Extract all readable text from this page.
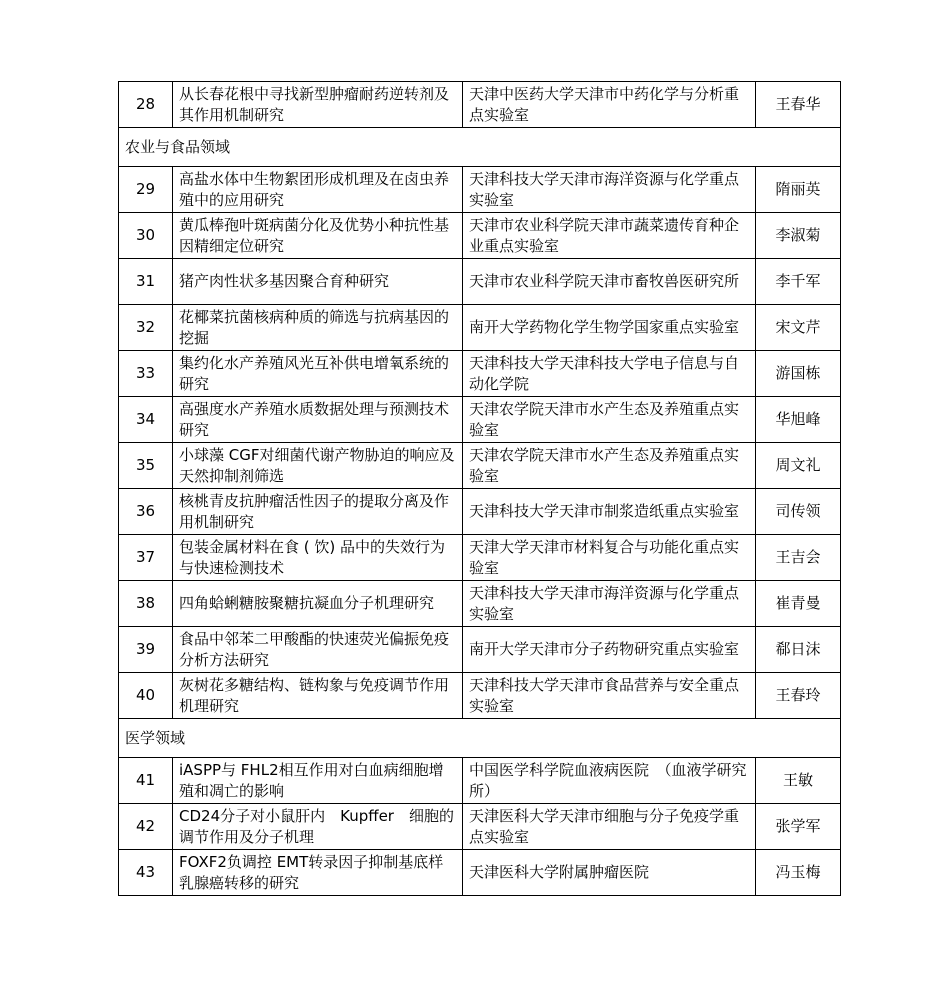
28	从长春花根中寻找新型肿瘤耐药逆转剂及其作用机制研究	天津中医药大学天津市中药化学与分析重点实验室	王春华
农业与食品领域			
29	高盐水体中生物絮团形成机理及在卤虫养殖中的应用研究	天津科技大学天津市海洋资源与化学重点实验室	隋丽英
30	黄瓜棒孢叶斑病菌分化及优势小种抗性基因精细定位研究	天津市农业科学院天津市蔬菜遗传育种企业重点实验室	李淑菊
31	猪产肉性状多基因聚合育种研究	天津市农业科学院天津市畜牧兽医研究所	李千军
32	花椰菜抗菌核病种质的筛选与抗病基因的挖掘	南开大学药物化学生物学国家重点实验室	宋文芹
33	集约化水产养殖风光互补供电增氧系统的研究	天津科技大学天津科技大学电子信息与自动化学院	游国栋
34	高强度水产养殖水质数据处理与预测技术研究	天津农学院天津市水产生态及养殖重点实验室	华旭峰
35	小球藻 CGF对细菌代谢产物胁迫的响应及天然抑制剂筛选	天津农学院天津市水产生态及养殖重点实验室	周文礼
36	核桃青皮抗肿瘤活性因子的提取分离及作用机制研究	天津科技大学天津市制浆造纸重点实验室	司传领
37	包装金属材料在食 ( 饮) 品中的失效行为与快速检测技术	天津大学天津市材料复合与功能化重点实验室	王吉会
38	四角蛤蜊糖胺聚糖抗凝血分子机理研究	天津科技大学天津市海洋资源与化学重点实验室	崔青曼
39	食品中邻苯二甲酸酯的快速荧光偏振免疫分析方法研究	南开大学天津市分子药物研究重点实验室	郗日沫
40	灰树花多糖结构、链构象与免疫调节作用机理研究	天津科技大学天津市食品营养与安全重点实验室	王春玲
医学领域			
41	iASPP与 FHL2相互作用对白血病细胞增殖和凋亡的影响	中国医学科学院血液病医院　（血液学研究所）	王敏
42	CD24分子对小鼠肝内　Kupffer　细胞的调节作用及分子机理	天津医科大学天津市细胞与分子免疫学重点实验室	张学军
43	FOXF2负调控 EMT转录因子抑制基底样乳腺癌转移的研究	天津医科大学附属肿瘤医院	冯玉梅
